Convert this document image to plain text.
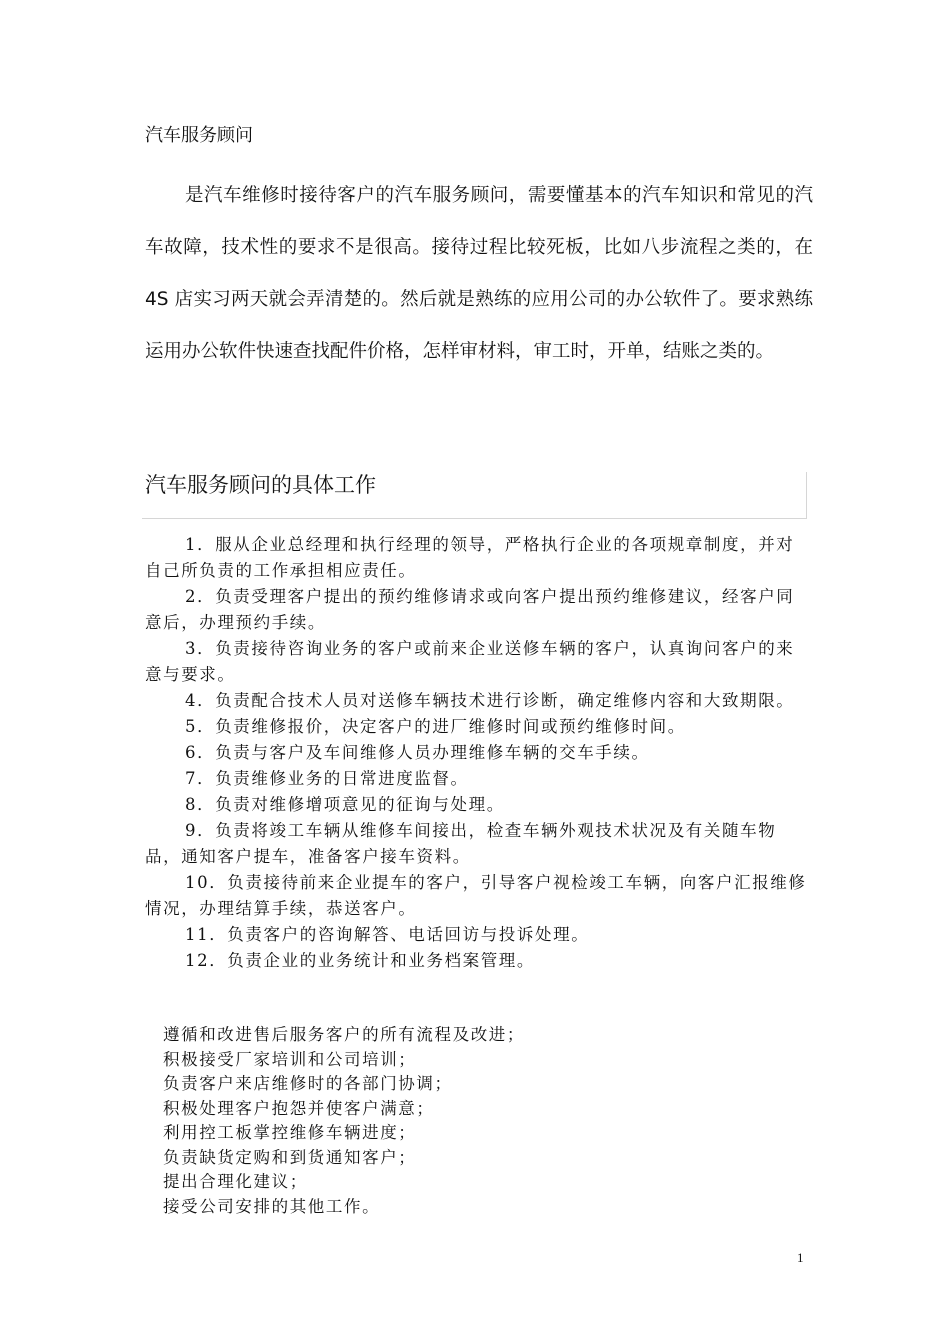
汽车服务顾问

是汽车维修时接待客户的汽车服务顾问，需要懂基本的汽车知识和常见的汽车故障，技术性的要求不是很高。接待过程比较死板，比如八步流程之类的，在 4S 店实习两天就会弄清楚的。然后就是熟练的应用公司的办公软件了。要求熟练运用办公软件快速查找配件价格，怎样审材料，审工时，开单，结账之类的。

汽车服务顾问的具体工作

1．服从企业总经理和执行经理的领导，严格执行企业的各项规章制度，并对自己所负责的工作承担相应责任。

2．负责受理客户提出的预约维修请求或向客户提出预约维修建议，经客户同意后，办理预约手续。

3．负责接待咨询业务的客户或前来企业送修车辆的客户，认真询问客户的来意与要求。

4．负责配合技术人员对送修车辆技术进行诊断，确定维修内容和大致期限。

5．负责维修报价，决定客户的进厂维修时间或预约维修时间。

6．负责与客户及车间维修人员办理维修车辆的交车手续。

7．负责维修业务的日常进度监督。

8．负责对维修增项意见的征询与处理。

9．负责将竣工车辆从维修车间接出，检查车辆外观技术状况及有关随车物品，通知客户提车，准备客户接车资料。

10．负责接待前来企业提车的客户，引导客户视检竣工车辆，向客户汇报维修情况，办理结算手续，恭送客户。

11．负责客户的咨询解答、电话回访与投诉处理。

12．负责企业的业务统计和业务档案管理。

遵循和改进售后服务客户的所有流程及改进；

积极接受厂家培训和公司培训；

负责客户来店维修时的各部门协调；

积极处理客户抱怨并使客户满意；

利用控工板掌控维修车辆进度；

负责缺货定购和到货通知客户；

提出合理化建议；

接受公司安排的其他工作。

1
